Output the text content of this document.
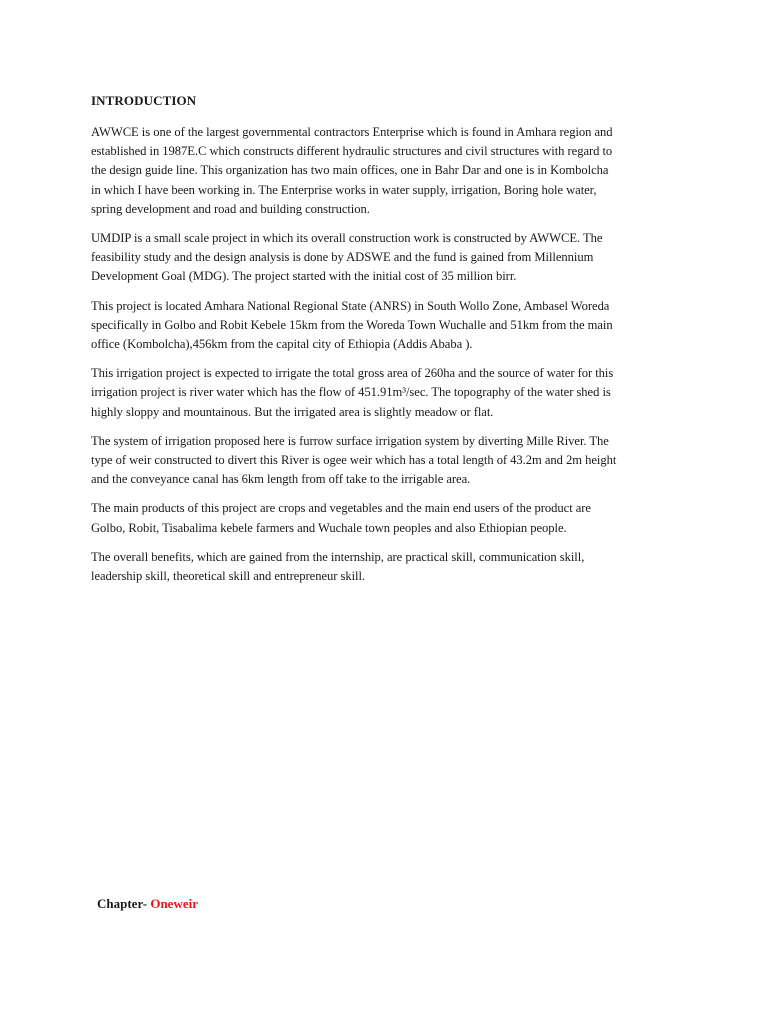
INTRODUCTION
AWWCE is one of the largest governmental contractors Enterprise which is found in Amhara region and
established in 1987E.C which constructs different hydraulic structures and civil structures with regard to
the design guide line. This organization has two main offices, one in Bahr Dar and one is in Kombolcha
in which I have been working in. The Enterprise works in water supply, irrigation, Boring hole water,
spring development and road and building construction.
UMDIP is a small scale project in which its overall construction work is constructed by AWWCE. The
feasibility study and the design analysis is done by ADSWE and the fund is gained from Millennium
Development Goal (MDG). The project started with the initial cost of 35 million birr.
This project is located Amhara National Regional State (ANRS) in South Wollo Zone, Ambasel Woreda
specifically in Golbo and Robit Kebele 15km from the Woreda Town Wuchalle and 51km from the main
office (Kombolcha),456km from the capital city of Ethiopia (Addis Ababa ).
This irrigation project is expected to irrigate the total gross area of 260ha and the source of water for this
irrigation project is river water which has the flow of 451.91m³/sec. The topography of the water shed is
highly sloppy and mountainous. But the irrigated area is slightly meadow or flat.
The system of irrigation proposed here is furrow surface irrigation system by diverting Mille River. The
type of weir constructed to divert this River is ogee weir which has a total length of 43.2m and 2m height
and the conveyance canal has 6km length from off take to the irrigable area.
The main products of this project are crops and vegetables and the main end users of the product are
Golbo, Robit, Tisabalima kebele farmers and Wuchale town peoples and also Ethiopian people.
The overall benefits, which are gained from the internship, are practical skill, communication skill,
leadership skill, theoretical skill and entrepreneur skill.
Chapter- Oneweir
